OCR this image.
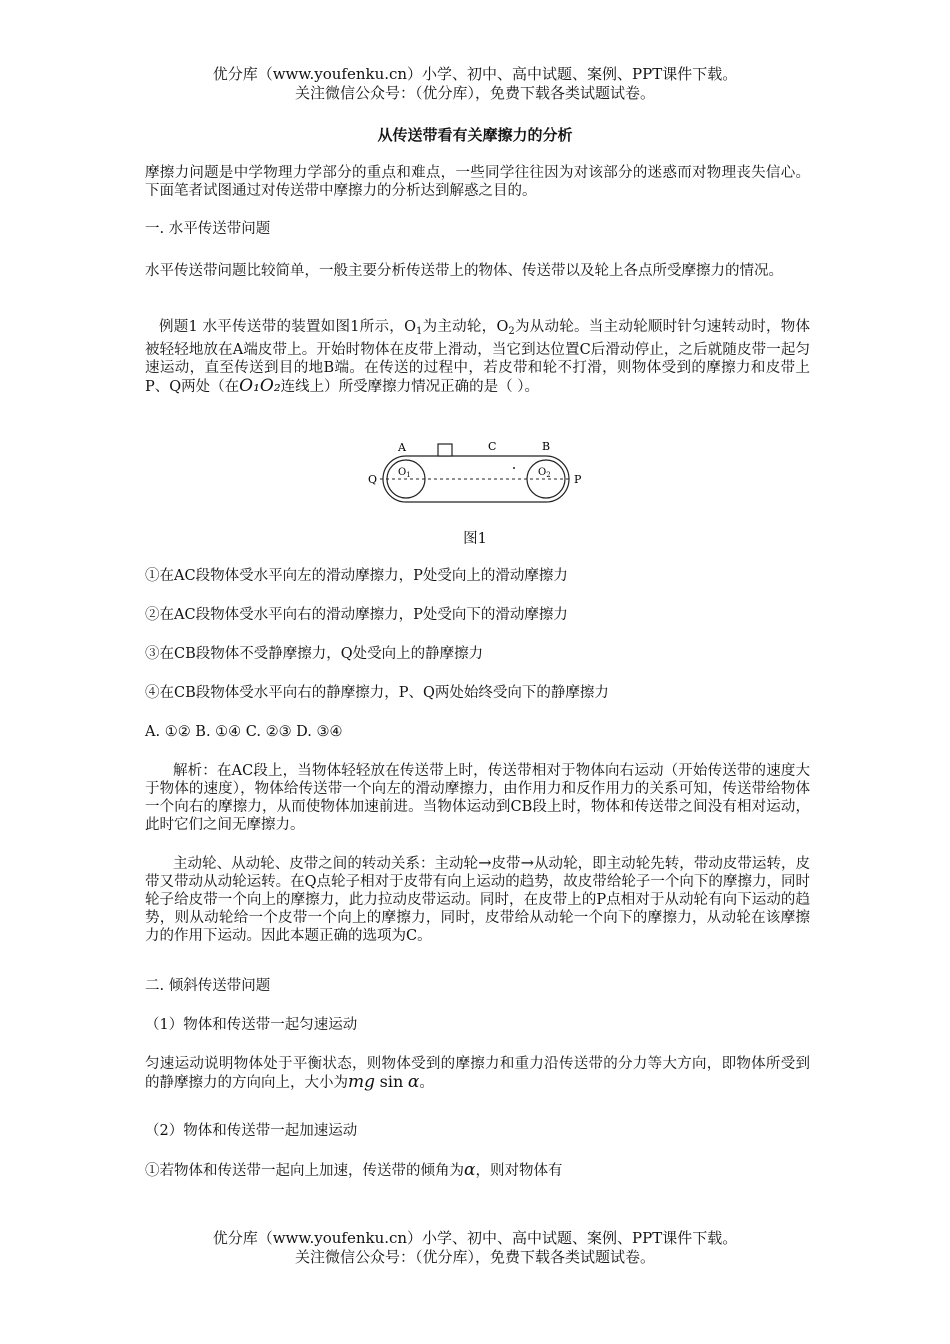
优分库（www.youfenku.cn）小学、初中、高中试题、案例、PPT课件下载。
关注微信公众号：（优分库），免费下载各类试题试卷。
从传送带看有关摩擦力的分析
摩擦力问题是中学物理力学部分的重点和难点，一些同学往往因为对该部分的迷惑而对物理丧失信心。下面笔者试图通过对传送带中摩擦力的分析达到解惑之目的。
一. 水平传送带问题
水平传送带问题比较简单，一般主要分析传送带上的物体、传送带以及轮上各点所受摩擦力的情况。
例题1 水平传送带的装置如图1所示，$O_1$为主动轮，$O_2$为从动轮。当主动轮顺时针匀速转动时，物体被轻轻地放在A端皮带上。开始时物体在皮带上滑动，当它到达位置C后滑动停止，之后就随皮带一起匀速运动，直至传送到目的地B端。在传送的过程中，若皮带和轮不打滑，则物体受到的摩擦力和皮带上P、Q两处（在O₁O₂连线上）所受摩擦力情况正确的是（ ）。
A	C	B
Q	P
$O_1$	$O_2$
图1
①在AC段物体受水平向左的滑动摩擦力，P处受向上的滑动摩擦力
②在AC段物体受水平向右的滑动摩擦力，P处受向下的滑动摩擦力
③在CB段物体不受静摩擦力，Q处受向上的静摩擦力
④在CB段物体受水平向右的静摩擦力，P、Q两处始终受向下的静摩擦力
A. ①② B. ①④ C. ②③ D. ③④
解析：在AC段上，当物体轻轻放在传送带上时，传送带相对于物体向右运动（开始传送带的速度大于物体的速度），物体给传送带一个向左的滑动摩擦力，由作用力和反作用力的关系可知，传送带给物体一个向右的摩擦力，从而使物体加速前进。当物体运动到CB段上时，物体和传送带之间没有相对运动，此时它们之间无摩擦力。
主动轮、从动轮、皮带之间的转动关系：主动轮→皮带→从动轮，即主动轮先转，带动皮带运转，皮带又带动从动轮运转。在Q点轮子相对于皮带有向上运动的趋势，故皮带给轮子一个向下的摩擦力，同时轮子给皮带一个向上的摩擦力，此力拉动皮带运动。同时，在皮带上的P点相对于从动轮有向下运动的趋势，则从动轮给一个皮带一个向上的摩擦力，同时，皮带给从动轮一个向下的摩擦力，从动轮在该摩擦力的作用下运动。因此本题正确的选项为C。
二. 倾斜传送带问题
（1）物体和传送带一起匀速运动
匀速运动说明物体处于平衡状态，则物体受到的摩擦力和重力沿传送带的分力等大方向，即物体所受到的静摩擦力的方向向上，大小为mg sin α。
（2）物体和传送带一起加速运动
①若物体和传送带一起向上加速，传送带的倾角为α，则对物体有
优分库（www.youfenku.cn）小学、初中、高中试题、案例、PPT课件下载。
关注微信公众号：（优分库），免费下载各类试题试卷。
